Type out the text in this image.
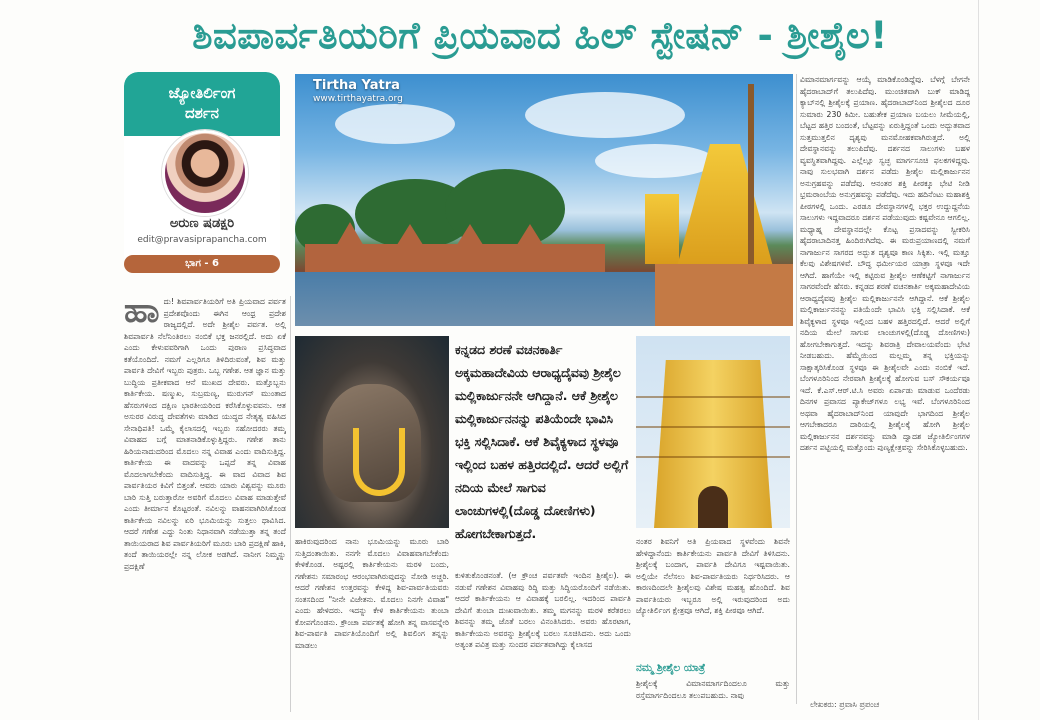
ಶಿವಪಾರ್ವತಿಯರಿಗೆ ಪ್ರಿಯವಾದ ಹಿಲ್ ಸ್ಟೇಷನ್ - ಶ್ರೀಶೈಲ!
ಜ್ಯೋತಿರ್ಲಿಂಗ
ದರ್ಶನ
ಅರುಣ ಷಡಕ್ಷರಿ
edit@pravasiprapancha.com
ಭಾಗ - 6
Tirtha Yatra
www.tirthayatra.org
ಕನ್ನಡದ ಶರಣೆ ವಚನಕಾರ್ತಿ ಅಕ್ಕಮಹಾದೇವಿಯ ಆರಾಧ್ಯದೈವವು ಶ್ರೀಶೈಲ ಮಲ್ಲಿಕಾರ್ಜುನನೇ ಆಗಿದ್ದಾನೆ. ಆಕೆ ಶ್ರೀಶೈಲ ಮಲ್ಲಿಕಾರ್ಜುನನನ್ನು ಪತಿಯೆಂದೇ ಭಾವಿಸಿ ಭಕ್ತಿ ಸಲ್ಲಿಸಿದಾಕೆ. ಆಕೆ ಶಿವೈಕ್ಯಳಾದ ಸ್ಥಳವೂ ಇಲ್ಲಿಂದ ಬಹಳ ಹತ್ತಿರದಲ್ಲಿದೆ. ಆದರೆ ಅಲ್ಲಿಗೆ ನದಿಯ ಮೇಲೆ ಸಾಗುವ ಲಾಂಚುಗಳಲ್ಲಿ(ದೊಡ್ಡ ದೋಣಿಗಳು) ಹೋಗಬೇಕಾಗುತ್ತದೆ.
ಹಾ ದು! ಶಿವಪಾರ್ವತಿಯರಿಗೆ ಅತಿ ಪ್ರಿಯವಾದ ಪರ್ವತ ಪ್ರದೇಶವೊಂದು ಈಗಿನ ಆಂಧ್ರ ಪ್ರದೇಶ ರಾಜ್ಯದಲ್ಲಿದೆ. ಅದೇ ಶ್ರೀಶೈಲ ಪರ್ವತ. ಅಲ್ಲಿ ಶಿವಪಾರ್ವತಿ ನೆಲೆನಿಂತಿರಲು ನಂಬಿಕೆ ಭಕ್ತ ಜನರಲ್ಲಿದೆ. ಅದು ಏಕೆ ಎಂದು ಕೇಳುವವರಿಗಾಗಿ ಒಂದು ಪುರಾಣ ಪ್ರಸಿದ್ಧವಾದ ಕತೆಯೊಂದಿದೆ. ನಮಗೆ ಎಲ್ಲರಿಗೂ ತಿಳಿದಿರುವಂತೆ, ಶಿವ ಮತ್ತು ಪಾರ್ವತಿ ದೇವಿಗೆ ಇಬ್ಬರು ಪುತ್ರರು. ಒಬ್ಬ ಗಣೇಶ. ಆತ ಜ್ಞಾನ ಮತ್ತು ಬುದ್ಧಿಯ ಪ್ರತೀಕವಾದ ಆನೆ ಮುಖದ ದೇವರು. ಮತ್ತೊಬ್ಬನು ಕಾರ್ತಿಕೇಯ. ಷಣ್ಮುಖ, ಸುಬ್ರಮಣ್ಯ, ಮುರುಗನ್ ಮುಂತಾದ ಹೆಸರುಗಳಿಂದ ದಕ್ಷಿಣ ಭಾರತೀಯರಿಂದ ಕರೆಸಿಕೊಳ್ಳುವವನು. ಆತ ಅಸುರರ ವಿರುದ್ಧ ದೇವತೆಗಳು ಮಾಡಿದ ಯುದ್ಧದ ನೇತೃತ್ವ ವಹಿಸಿದ ಸೇನಾಧಿಪತಿ! ಒಮ್ಮೆ ಕೈಲಾಸದಲ್ಲಿ ಇಬ್ಬರು ಸಹೋದರರು ತಮ್ಮ ವಿವಾಹದ ಬಗ್ಗೆ ಮಾತನಾಡಿಕೊಳ್ಳುತ್ತಿದ್ದರು. ಗಣೇಶ ತಾನು ಹಿರಿಯನಾದುದರಿಂದ ಮೊದಲು ನನ್ನ ವಿವಾಹ ಎಂದು ವಾದಿಸುತ್ತಿದ್ದ. ಕಾರ್ತಿಕೇಯ ಈ ವಾದವನ್ನು ಒಪ್ಪದೆ ತನ್ನ ವಿವಾಹ ಮೊದಲಾಗಬೇಕೆಂದು ವಾದಿಸುತ್ತಿದ್ದ. ಈ ವಾದ ವಿವಾದ ಶಿವ ಪಾರ್ವತಿಯರ ಕಿವಿಗೆ ಬಿತ್ತಂತೆ. ಆವರು ಯಾರು ವಿಶ್ವವನ್ನು ಮೂರು ಬಾರಿ ಸುತ್ತಿ ಬರುತ್ತಾರೋ ಅವರಿಗೆ ಮೊದಲು ವಿವಾಹ ಮಾಡುತ್ತೇವೆ ಎಂದು ತೀರ್ಮಾನ ಕೊಟ್ಟರಂತೆ. ನವಿಲನ್ನು ವಾಹನವಾಗಿರಿಸಿಕೊಂಡ ಕಾರ್ತಿಕೇಯ ನವಿಲನ್ನು ಏರಿ ಭೂಮಿಯನ್ನು ಸುತ್ತಲು ಧಾವಿಸಿದ. ಆದರೆ ಗಣೇಶ ಎದ್ದು ನಿಂತು ನಿಧಾನವಾಗಿ ನಡೆಯುತ್ತಾ ತನ್ನ ತಂದೆ ತಾಯಿಯರಾದ ಶಿವ ಪಾರ್ವತಿಯರಿಗೆ ಮೂರು ಬಾರಿ ಪ್ರದಕ್ಷಿಣೆ ಹಾಕಿ, ತಂದೆ ತಾಯಿಯರಲ್ಲೇ ನನ್ನ ಲೋಕ ಅಡಗಿದೆ. ನಾನೀಗ ನಿಮ್ಮನ್ನು ಪ್ರದಕ್ಷಿಣೆ
ಹಾಕಿರುವುದರಿಂದ ನಾನು ಭೂಮಿಯನ್ನು ಮೂರು ಬಾರಿ ಸುತ್ತಿದಂತಾಯಿತು. ನನಗೇ ಮೊದಲು ವಿವಾಹವಾಗಬೇಕೆಂದು ಕೇಳಿಕೊಂಡ. ಅಷ್ಟರಲ್ಲಿ ಕಾರ್ತಿಕೇಯನು ಮರಳಿ ಬಂದು, ಗಣೇಶನು ಸಮಾರಂಭ ಆರಂಭವಾಗಿರುವುದನ್ನು ನೋಡಿ ಅಚ್ಚರಿ. ಆದರೆ ಗಣೇಶನ ಉತ್ತರವನ್ನು ಕೇಳಿದ್ದ ಶಿವ-ಪಾರ್ವತಿಯವರು ಸಂತಸದಿಂದ "ನೀನೇ ವಿಜೇತನು. ಮೊದಲು ನಿನಗೇ ವಿವಾಹ" ಎಂದು ಹೇಳಿದರು. ಇದನ್ನು ಕೇಳಿ ಕಾರ್ತಿಕೇಯನು ತುಂಬಾ ಕೋಪಗೊಂಡನು. ಕ್ರೌಂಚಾ ಪರ್ವತಕ್ಕೆ ಹೋಗಿ ತನ್ನ ವಾಸವನ್ನೇರಿ ಶಿವ-ಪಾರ್ವತಿ ಪಾರ್ವತಿಯೊಂದಿಗೆ ಅಲ್ಲಿ ಶಿವಲಿಂಗ ತನ್ನನ್ನು ಮಾಡಲು
ಕುಳಿತುಕೊಂಡನಂತೆ. (ಆ ಕ್ರೌಂಚ ಪರ್ವತವೇ ಇಂದಿನ ಶ್ರೀಶೈಲ). ಈ ನಡುವೆ ಗಣೇಶನ ವಿವಾಹವು ರಿದ್ಧಿ ಮತ್ತು ಸಿದ್ಧಿಯರೊಂದಿಗೆ ನಡೆಯಿತು. ಆದರೆ ಕಾರ್ತಿಕೇಯನು ಆ ವಿವಾಹಕ್ಕೆ ಬರಲಿಲ್ಲ. ಇದರಿಂದ ಪಾರ್ವತಿ ದೇವಿಗೆ ತುಂಬಾ ದುಃಖವಾಯಿತು. ತಮ್ಮ ಮಗನನ್ನು ಮರಳಿ ಕರೆತರಲು ಶಿವನನ್ನು ತಮ್ಮ ಜೊತೆ ಬರಲು ವಿನಂತಿಸಿದರು. ಅವರು ಹೊರಟಾಗ, ಕಾರ್ತಿಕೇಯನು ಅವರನ್ನು ಶ್ರೀಶೈಲಕ್ಕೆ ಬರಲು ಸೂಚಿಸಿದನು. ಅದು ಒಂದು ಅತ್ಯಂತ ಪವಿತ್ರ ಮತ್ತು ಸುಂದರ ಪರ್ವತವಾಗಿದ್ದು ಕೈಲಾಸದ
ನಂತರ ಶಿವನಿಗೆ ಅತಿ ಪ್ರಿಯವಾದ ಸ್ಥಳವೆಂದು ಶಿವನೇ ಹೇಳಿದ್ದಾನೆಂದು ಕಾರ್ತಿಕೇಯನು ಪಾರ್ವತಿ ದೇವಿಗೆ ತಿಳಿಸಿದನು. ಶ್ರೀಶೈಲಕ್ಕೆ ಬಂದಾಗ, ಪಾರ್ವತಿ ದೇವಿಗೂ ಇಷ್ಟವಾಯಿತು. ಅಲ್ಲಿಯೇ ನೆಲೆಸಲು ಶಿವ-ಪಾರ್ವತಿಯರು ನಿರ್ಧರಿಸಿದರು. ಆ ಕಾರಣದಿಂದಲೇ ಶ್ರೀಶೈಲವು ವಿಶೇಷ ಮಹತ್ವ ಹೊಂದಿದೆ. ಶಿವ ಪಾರ್ವತಿಯರು ಇಬ್ಬರೂ ಅಲ್ಲಿ ಇರುವುದರಿಂದ ಅದು ಜ್ಯೋತಿರ್ಲಿಂಗ ಕ್ಷೇತ್ರವೂ ಆಗಿದೆ, ಶಕ್ತಿ ಪೀಠವೂ ಆಗಿದೆ.
ನಮ್ಮ ಶ್ರೀಶೈಲ ಯಾತ್ರೆ
ಶ್ರೀಶೈಲಕ್ಕೆ ವಿಮಾನಮಾರ್ಗದಿಂದಲೂ ಮತ್ತು ರಸ್ತೆಮಾರ್ಗದಿಂದಲೂ ತಲುಪಬಹುದು. ನಾವು
ವಿಮಾನಮಾರ್ಗವನ್ನು ಆಯ್ಕೆ ಮಾಡಿಕೊಂಡಿದ್ದೆವು. ಬೆಳಗ್ಗೆ ಬೇಗನೇ ಹೈದರಾಬಾದ್‌ಗೆ ತಲುಪಿದೆವು. ಮುಂಚಿತವಾಗಿ ಬುಕ್ ಮಾಡಿದ್ದ ಕ್ಯಾಬ್‌ನಲ್ಲಿ ಶ್ರೀಶೈಲಕ್ಕೆ ಪ್ರಯಾಣ. ಹೈದರಾಬಾದ್‌ನಿಂದ ಶ್ರೀಶೈಲದ ದೂರ ಸುಮಾರು 230 ಕಿಮೀ. ಬಹುತೇಕ ಪ್ರಯಾಣ ಬಯಲು ಸೀಮೆಯಲ್ಲಿ, ಬೆಟ್ಟದ ಹತ್ತಿರ ಬಂದಂತೆ, ಬೆಟ್ಟವನ್ನು ಏರುತ್ತಿದ್ದಂತೆ ಒಂದು ಅದ್ಭುತವಾದ ಸುತ್ತಮುತ್ತಲಿನ ದೃಶ್ಯವು ಮನಮೋಹಕವಾಗಿರುತ್ತದೆ. ಅಲ್ಲಿ ದೇವಸ್ಥಾನವನ್ನು ತಲುಪಿದೆವು. ದರ್ಶನದ ಸಾಲುಗಳು ಬಹಳ ವ್ಯವಸ್ಥಿತವಾಗಿದ್ದವು. ಎಲ್ಲೆಲ್ಲೂ ಸ್ವಚ್ಛ ಮಾರ್ಗಸೂಚಿ ಫಲಕಗಳಿದ್ದವು. ನಾವು ಸುಲಭವಾಗಿ ದರ್ಶನ ಪಡೆದು ಶ್ರೀಶೈಲ ಮಲ್ಲಿಕಾರ್ಜುನನ ಅನುಗ್ರಹವನ್ನು ಪಡೆದೆವು. ಆನಂತರ ಶಕ್ತಿ ಪೀಠಕ್ಕೂ ಭೇಟಿ ನೀಡಿ ಭ್ರಮರಾಂಬೆಯ ಅನುಗ್ರಹವನ್ನು ಪಡೆದೆವು. ಇದು ಹದಿನೆಂಟು ಮಹಾಶಕ್ತಿ ಪೀಠಗಳಲ್ಲಿ ಒಂದು. ಎರಡೂ ದೇವಸ್ಥಾನಗಳಲ್ಲಿ ಭಕ್ತರ ಉದ್ದುದ್ದನೆಯ ಸಾಲುಗಳು ಇದ್ದವಾದರೂ ದರ್ಶನ ಪಡೆಯುವುದು ಕಷ್ಟವೇನೂ ಆಗಲಿಲ್ಲ. ಮಧ್ಯಾಹ್ನ ದೇವಸ್ಥಾನದಲ್ಲೇ ಕೊಟ್ಟ ಪ್ರಸಾದವನ್ನು ಸ್ವೀಕರಿಸಿ ಹೈದರಾಬಾದಿನತ್ತ ಹಿಂದಿರುಗಿದೆವು. ಈ ಮರುಪ್ರಯಾಣದಲ್ಲಿ ನಮಗೆ ನಾಗಾರ್ಜುನ ಸಾಗರದ ಅದ್ಭುತ ದೃಶ್ಯವೂ ಕಾಣ ಸಿಕ್ಕಿತು. ಇಲ್ಲಿ ಮತ್ತೂ ಕೆಲವು ವಿಶೇಷಗಳಿವೆ. ಬೌದ್ಧ ಧರ್ಮೀಯರ ಯಾತ್ರಾ ಸ್ಥಳವೂ ಇದೇ ಆಗಿದೆ. ಹಾಗೆಯೇ ಇಲ್ಲಿ ಕಟ್ಟಿರುವ ಶ್ರೀಶೈಲ ಆಣೆಕಟ್ಟಿಗೆ ನಾಗಾರ್ಜುನ ಸಾಗರವೆಂದೇ ಹೆಸರು. ಕನ್ನಡದ ಶರಣೆ ವಚನಕಾರ್ತಿ ಅಕ್ಕಮಹಾದೇವಿಯ ಆರಾಧ್ಯದೈವವು ಶ್ರೀಶೈಲ ಮಲ್ಲಿಕಾರ್ಜುನನೇ ಆಗಿದ್ದಾನೆ. ಆಕೆ ಶ್ರೀಶೈಲ ಮಲ್ಲಿಕಾರ್ಜುನನನ್ನು ಪತಿಯೆಂದೇ ಭಾವಿಸಿ ಭಕ್ತಿ ಸಲ್ಲಿಸಿದಾಕೆ. ಆಕೆ ಶಿವೈಕ್ಯಳಾದ ಸ್ಥಳವೂ ಇಲ್ಲಿಂದ ಬಹಳ ಹತ್ತಿರದಲ್ಲಿದೆ. ಆದರೆ ಅಲ್ಲಿಗೆ ನದಿಯ ಮೇಲೆ ಸಾಗುವ ಲಾಂಚುಗಳಲ್ಲಿ(ದೊಡ್ಡ ದೋಣಿಗಳು) ಹೋಗಬೇಕಾಗುತ್ತದೆ. ಇದನ್ನು ಶಿವರಾತ್ರಿ ದೇವಾಲಯವೆಂದು ಭೇಟಿ ನೀಡಬಹುದು. ಹೆಮ್ಮೆಯಿಂದ ಮಲ್ಲಮ್ಮ ತನ್ನ ಭಕ್ತಿಯನ್ನು ಸಾಕ್ಷಾತ್ಕರಿಸಿಕೊಂಡ ಸ್ಥಳವೂ ಈ ಶ್ರೀಶೈಲವೇ ಎಂದು ನಂಬಿಕೆ ಇದೆ. ಬೆಂಗಳೂರಿನಿಂದ ನೇರವಾಗಿ ಶ್ರೀಶೈಲಕ್ಕೆ ಹೋಗುವ ಬಸ್ ಸೌಕರ್ಯವೂ ಇದೆ. ಕೆ.ಎಸ್.ಆರ್.ಟಿ.ಸಿ ಅವರು ಏರ್ಪಾಡು ಮಾಡುವ ಒಂದೆರಡು ದಿನಗಳ ಪ್ರವಾಸದ ಪ್ಯಾಕೇಜ್‌ಗಳೂ ಲಭ್ಯ ಇವೆ. ಬೆಂಗಳೂರಿನಿಂದ ಅಥವಾ ಹೈದರಾಬಾದ್‌ನಿಂದ ಯಾವುದೇ ಭಾಗದಿಂದ ಶ್ರೀಶೈಲ ಆಗಬೇಕಾದರೂ ದಾರಿಯಲ್ಲಿ ಶ್ರೀಶೈಲಕ್ಕೆ ಹೋಗಿ ಶ್ರೀಶೈಲ ಮಲ್ಲಿಕಾರ್ಜುನನ ದರ್ಶನವನ್ನು ಮಾಡಿ ದ್ವಾದಶ ಜ್ಯೋತಿರ್ಲಿಂಗಗಳ ದರ್ಶನ ಪಟ್ಟಿಯಲ್ಲಿ ಮತ್ತೊಂದು ಪುಣ್ಯಕ್ಷೇತ್ರವನ್ನು ಸೇರಿಸಿಕೊಳ್ಳಬಹುದು.
ಲೇಖಕರು: ಪ್ರವಾಸಿ ಪ್ರಪಂಚ
